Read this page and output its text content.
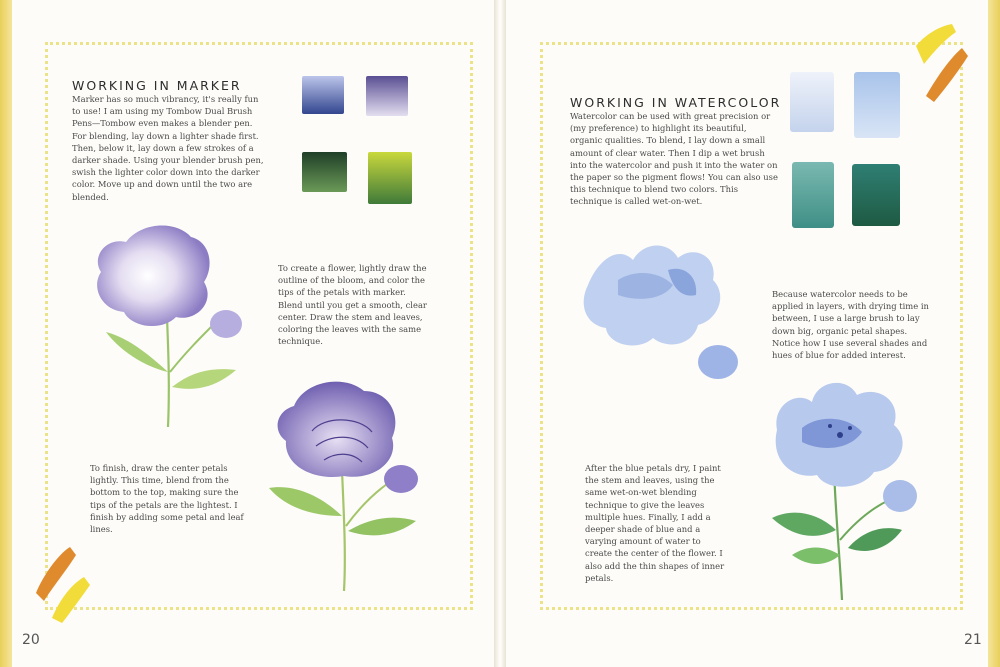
WORKING IN MARKER

Marker has so much vibrancy, it's really fun to use! I am using my Tombow Dual Brush Pens—Tombow even makes a blender pen. For blending, lay down a lighter shade first. Then, below it, lay down a few strokes of a darker shade. Using your blender brush pen, swish the lighter color down into the darker color. Move up and down until the two are blended.

To create a flower, lightly draw the outline of the bloom, and color the tips of the petals with marker. Blend until you get a smooth, clear center. Draw the stem and leaves, coloring the leaves with the same technique.

To finish, draw the center petals lightly. This time, blend from the bottom to the top, making sure the tips of the petals are the lightest. I finish by adding some petal and leaf lines.

20
WORKING IN WATERCOLOR

Watercolor can be used with great precision or (my preference) to highlight its beautiful, organic qualities. To blend, I lay down a small amount of clear water. Then I dip a wet brush into the watercolor and push it into the water on the paper so the pigment flows! You can also use this technique to blend two colors. This technique is called wet-on-wet.

Because watercolor needs to be applied in layers, with drying time in between, I use a large brush to lay down big, organic petal shapes. Notice how I use several shades and hues of blue for added interest.

After the blue petals dry, I paint the stem and leaves, using the same wet-on-wet blending technique to give the leaves multiple hues. Finally, I add a deeper shade of blue and a varying amount of water to create the center of the flower. I also add the thin shapes of inner petals.

21
